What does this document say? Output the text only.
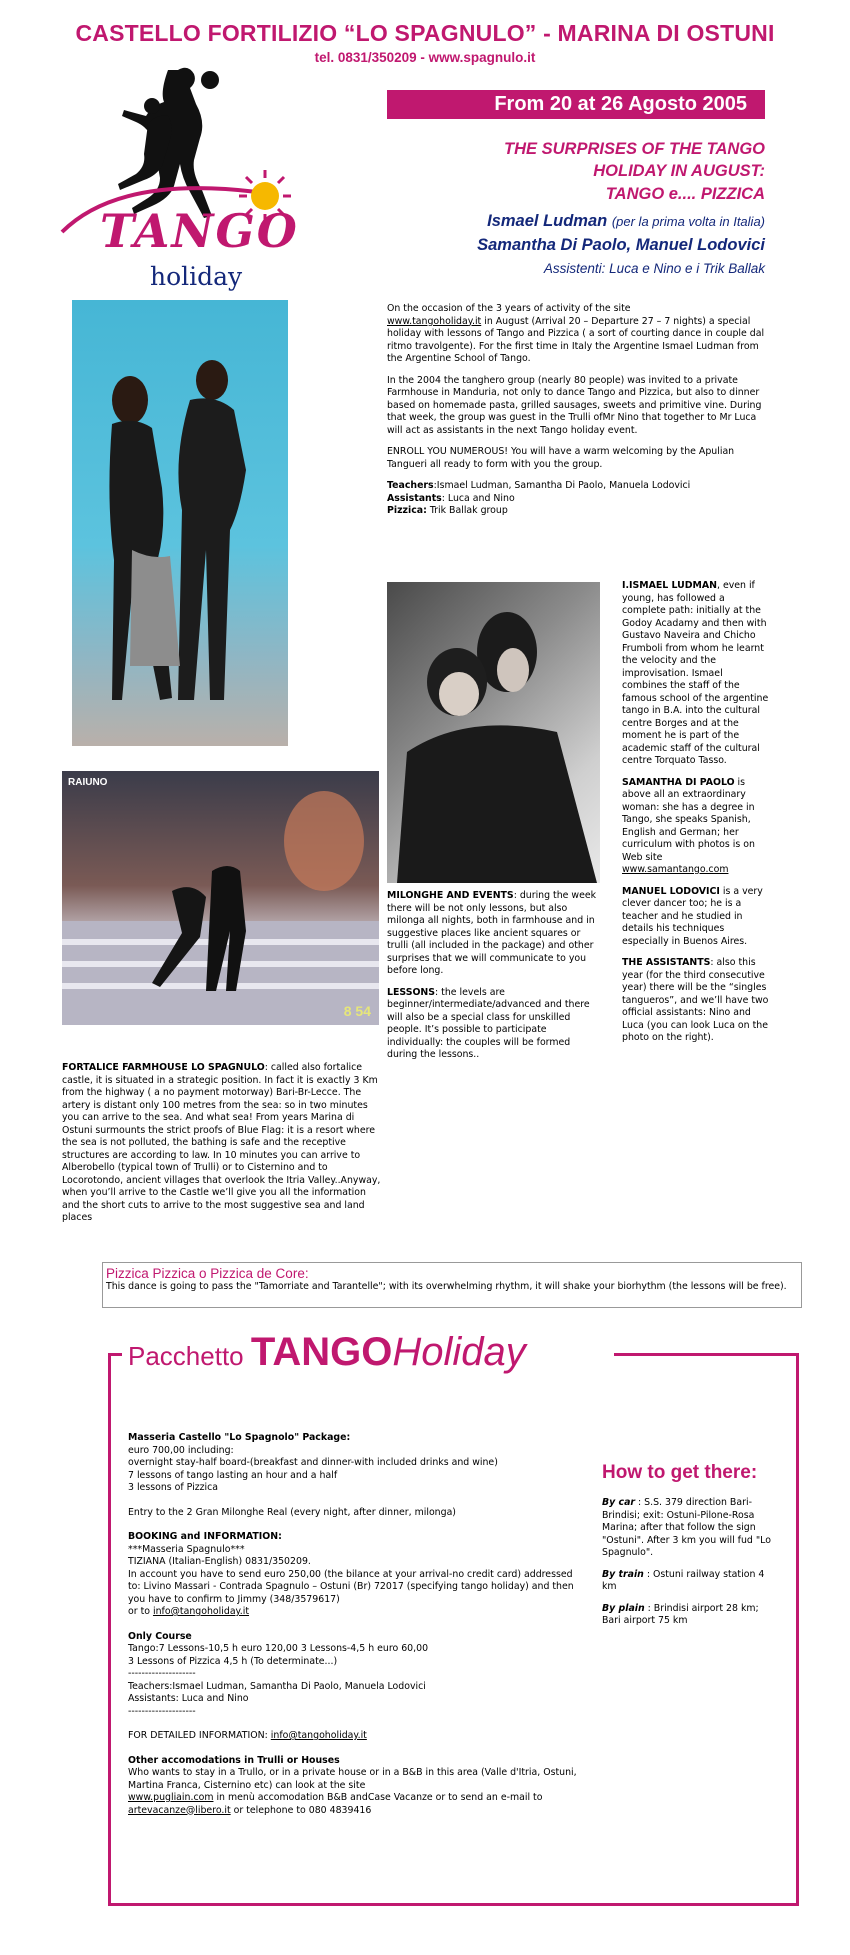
CASTELLO FORTILIZIO “LO SPAGNULO” - MARINA DI OSTUNI
tel. 0831/350209 - www.spagnulo.it
From 20 at 26 Agosto 2005
TANGO
holiday
THE SURPRISES OF THE TANGO
HOLIDAY IN AUGUST:
TANGO e.... PIZZICA
Ismael Ludman (per la prima volta in Italia)
Samantha Di Paolo, Manuel Lodovici
Assistenti: Luca e Nino e i Trik Ballak
RAIUNO
8 54

On the occasion of the 3 years of activity of the site
www.tangoholiday.it in August (Arrival 20 – Departure 27 – 7 nights) a special holiday with lessons of Tango and Pizzica ( a sort of courting dance in couple dal ritmo travolgente). For the first time in Italy the Argentine Ismael Ludman from the Argentine School of Tango.

In the 2004 the tanghero group (nearly 80 people) was invited to a private Farmhouse in Manduria, not only to dance Tango and Pizzica, but also to dinner based on homemade pasta, grilled sausages, sweets and primitive vine. During that week, the group was guest in the Trulli ofMr Nino that together to Mr Luca will act as assistants in the next Tango holiday event.

ENROLL YOU NUMEROUS! You will have a warm welcoming by the Apulian Tangueri all ready to form with you the group.

Teachers:Ismael Ludman, Samantha Di Paolo, Manuela Lodovici
Assistants: Luca and Nino
Pizzica: Trik Ballak group

MILONGHE AND EVENTS: during the week there will be not only lessons, but also milonga all nights, both in farmhouse and in suggestive places like ancient squares or trulli (all included in the package) and other surprises that we will communicate to you before long.

LESSONS: the levels are beginner/intermediate/advanced and there will also be a special class for unskilled people. It’s possible to participate individually: the couples will be formed during the lessons..

I.ISMAEL LUDMAN, even if young, has followed a complete path: initially at the Godoy Acadamy and then with Gustavo Naveira and Chicho Frumboli from whom he learnt the velocity and the improvisation. Ismael combines the staff of the famous school of the argentine tango in B.A. into the cultural centre Borges and at the moment he is part of the academic staff of the cultural centre Torquato Tasso.

SAMANTHA DI PAOLO is above all an extraordinary woman: she has a degree in Tango, she speaks Spanish, English and German; her curriculum with photos is on Web site www.samantango.com

MANUEL LODOVICI is a very clever dancer too; he is a teacher and he studied in details his techniques especially in Buenos Aires.

THE ASSISTANTS: also this year (for the third consecutive year) there will be the “singles tangueros”, and we’ll have two official assistants: Nino and Luca (you can look Luca on the photo on the right).

FORTALICE FARMHOUSE LO SPAGNULO: called also fortalice castle, it is situated in a strategic position. In fact it is exactly 3 Km from the highway ( a no payment motorway) Bari-Br-Lecce. The artery is distant only 100 metres from the sea: so in two minutes you can arrive to the sea. And what sea! From years Marina di Ostuni surmounts the strict proofs of Blue Flag: it is a resort where the sea is not polluted, the bathing is safe and the receptive structures are according to law. In 10 minutes you can arrive to Alberobello (typical town of Trulli) or to Cisternino and to Locorotondo, ancient villages that overlook the Itria Valley..Anyway, when you’ll arrive to the Castle we’ll give you all the information and the short cuts to arrive to the most suggestive sea and land places

Pizzica Pizzica o Pizzica de Core:
This dance is going to pass the "Tamorriate and Tarantelle"; with its overwhelming rhythm, it will shake your biorhythm (the lessons will be free).
Pacchetto TANGOHoliday
Masseria Castello "Lo Spagnolo" Package:
euro 700,00 including:
overnight stay-half board-(breakfast and dinner-with included drinks and wine)
7 lessons of tango lasting an hour and a half
3 lessons of Pizzica
Entry to the 2 Gran Milonghe Real (every night, after dinner, milonga)
BOOKING and INFORMATION:
***Masseria Spagnulo***
TIZIANA (Italian-English) 0831/350209.
In account you have to send euro 250,00 (the bilance at your arrival-no credit card) addressed to: Livino Massari - Contrada Spagnulo – Ostuni (Br) 72017 (specifying tango holiday) and then you have to confirm to Jimmy (348/3579617)
or to info@tangoholiday.it
Only Course
Tango:7 Lessons-10,5 h euro 120,00 3 Lessons-4,5 h euro 60,00
3 Lessons of Pizzica 4,5 h (To determinate...)
--------------------
Teachers:Ismael Ludman, Samantha Di Paolo, Manuela Lodovici
Assistants: Luca and Nino
--------------------
FOR DETAILED INFORMATION: info@tangoholiday.it
Other accomodations in Trulli or Houses
Who wants to stay in a Trullo, or in a private house or in a B&B in this area (Valle d'Itria, Ostuni, Martina Franca, Cisternino etc) can look at the site
www.pugliain.com in menù accomodation B&B andCase Vacanze or to send an e-mail to artevacanze@libero.it or telephone to 080 4839416
How to get there:

By car : S.S. 379 direction Bari-Brindisi; exit: Ostuni-Pilone-Rosa Marina; after that follow the sign "Ostuni". After 3 km you will fud "Lo Spagnulo".

By train : Ostuni railway station 4 km

By plain : Brindisi airport 28 km; Bari airport 75 km
